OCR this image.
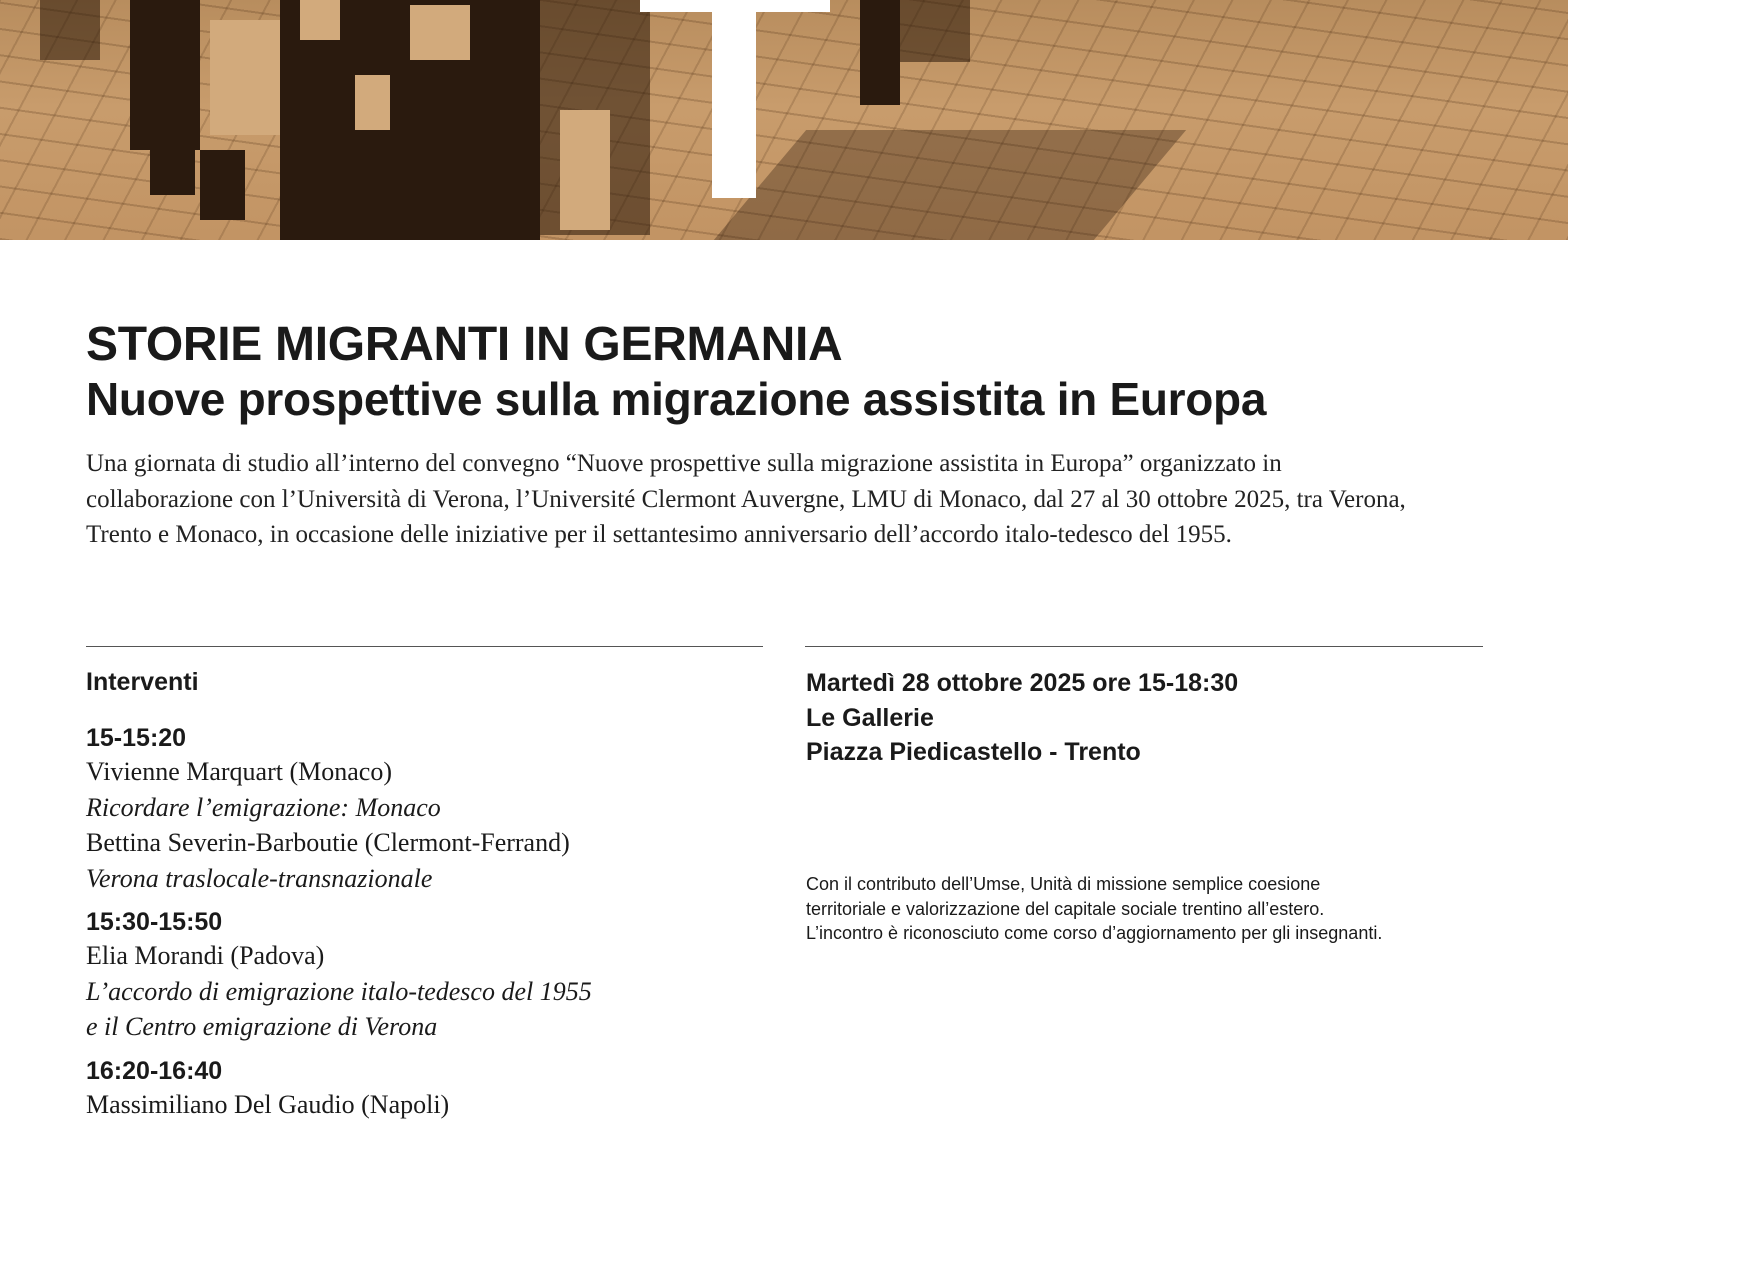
STORIE MIGRANTI IN GERMANIA
Nuove prospettive sulla migrazione assistita in Europa

Una giornata di studio all’interno del convegno “Nuove prospettive sulla migrazione assistita in Europa” organizzato in collaborazione con l’Università di Verona, l’Université Clermont Auvergne, LMU di Monaco, dal 27 al 30 ottobre 2025, tra Verona, Trento e Monaco, in occasione delle iniziative per il settantesimo anniversario dell’accordo italo-tedesco del 1955.

Interventi

15-15:20

Vivienne Marquart (Monaco)

Ricordare l’emigrazione: Monaco

Bettina Severin-Barboutie (Clermont-Ferrand)

Verona traslocale-transnazionale

15:30-15:50

Elia Morandi (Padova)

L’accordo di emigrazione italo-tedesco del 1955

e il Centro emigrazione di Verona

16:20-16:40

Massimiliano Del Gaudio (Napoli)

Martedì 28 ottobre 2025 ore 15-18:30
Le Gallerie
Piazza Piedicastello - Trento
Con il contributo dell’Umse, Unità di missione semplice coesione
territoriale e valorizzazione del capitale sociale trentino all’estero.
L’incontro è riconosciuto come corso d’aggiornamento per gli insegnanti.
